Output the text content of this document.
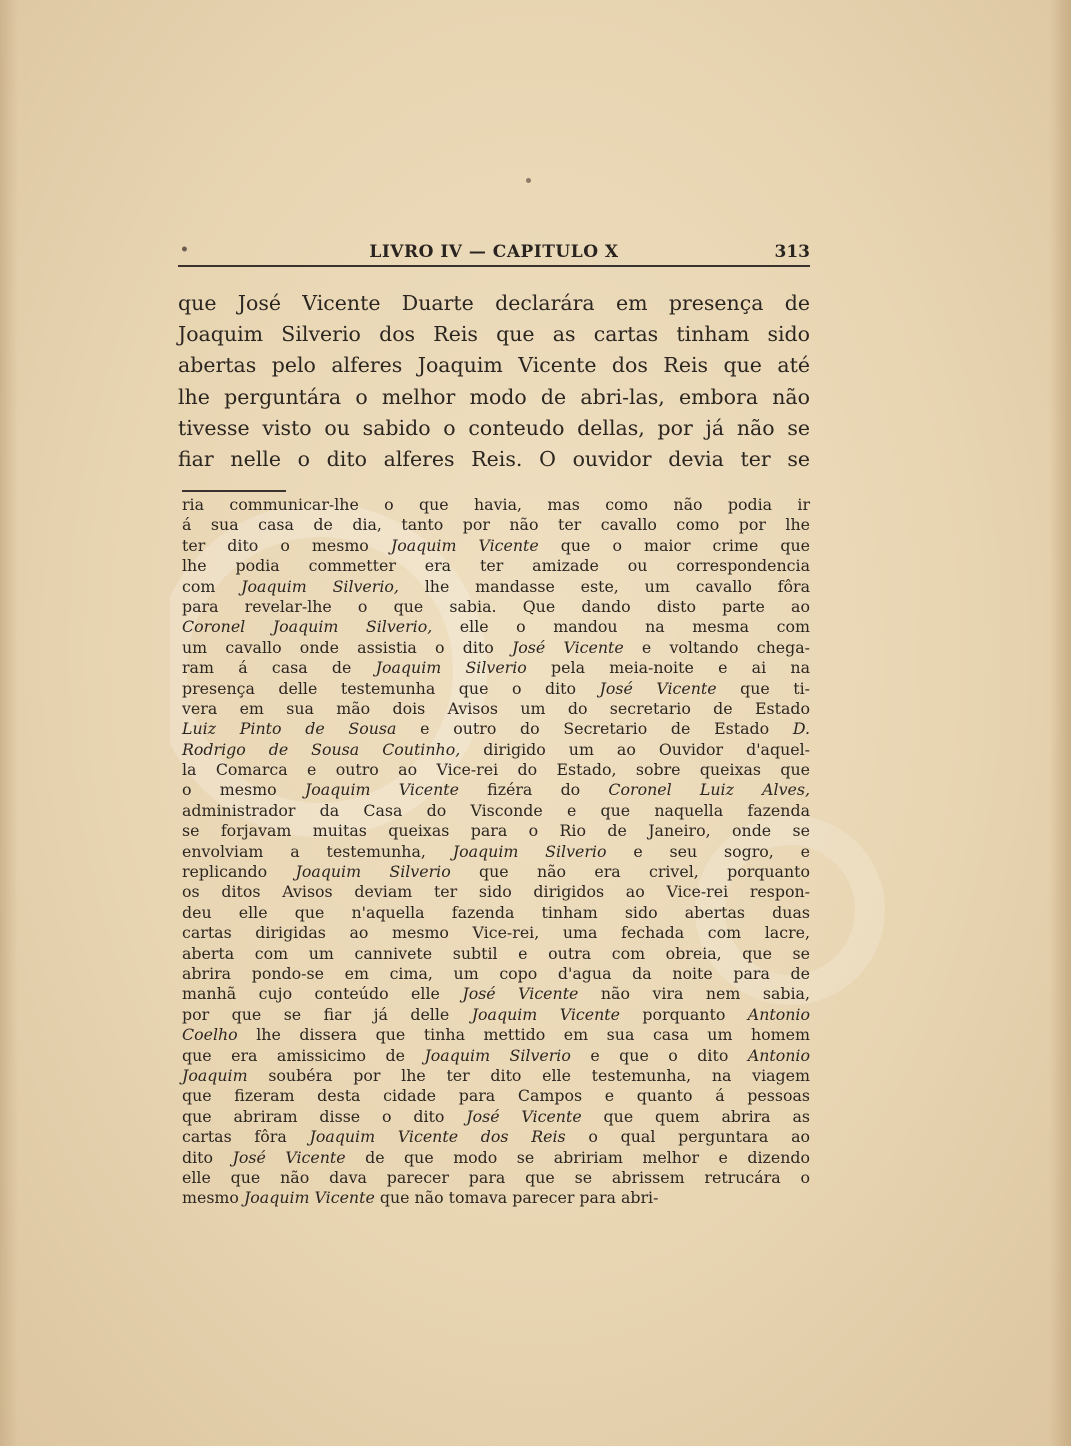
•	LIVRO IV — CAPITULO X	313
que José Vicente Duarte declarára em presença de
Joaquim Silverio dos Reis que as cartas tinham sido
abertas pelo alferes Joaquim Vicente dos Reis que até
lhe perguntára o melhor modo de abri-las, embora não
tivesse visto ou sabido o conteudo dellas, por já não se
fiar nelle o dito alferes Reis. O ouvidor devia ter se
ria communicar-lhe o que havia, mas como não podia ir
á sua casa de dia, tanto por não ter cavallo como por lhe
ter dito o mesmo Joaquim Vicente que o maior crime que
lhe podia commetter era ter amizade ou correspondencia
com Joaquim Silverio, lhe mandasse este, um cavallo fôra
para revelar-lhe o que sabia. Que dando disto parte ao
Coronel Joaquim Silverio, elle o mandou na mesma com
um cavallo onde assistia o dito José Vicente e voltando chega-
ram á casa de Joaquim Silverio pela meia-noite e ai na
presença delle testemunha que o dito José Vicente que ti-
vera em sua mão dois Avisos um do secretario de Estado
Luiz Pinto de Sousa e outro do Secretario de Estado D.
Rodrigo de Sousa Coutinho, dirigido um ao Ouvidor d'aquel-
la Comarca e outro ao Vice-rei do Estado, sobre queixas que
o mesmo Joaquim Vicente fizéra do Coronel Luiz Alves,
administrador da Casa do Visconde e que naquella fazenda
se forjavam muitas queixas para o Rio de Janeiro, onde se
envolviam a testemunha, Joaquim Silverio e seu sogro, e
replicando Joaquim Silverio que não era crivel, porquanto
os ditos Avisos deviam ter sido dirigidos ao Vice-rei respon-
deu elle que n'aquella fazenda tinham sido abertas duas
cartas dirigidas ao mesmo Vice-rei, uma fechada com lacre,
aberta com um cannivete subtil e outra com obreia, que se
abrira pondo-se em cima, um copo d'agua da noite para de
manhã cujo conteúdo elle José Vicente não vira nem sabia,
por que se fiar já delle Joaquim Vicente porquanto Antonio
Coelho lhe dissera que tinha mettido em sua casa um homem
que era amissicimo de Joaquim Silverio e que o dito Antonio
Joaquim soubéra por lhe ter dito elle testemunha, na viagem
que fizeram desta cidade para Campos e quanto á pessoas
que abriram disse o dito José Vicente que quem abrira as
cartas fôra Joaquim Vicente dos Reis o qual perguntara ao
dito José Vicente de que modo se abririam melhor e dizendo
elle que não dava parecer para que se abrissem retrucára o
mesmo Joaquim Vicente que não tomava parecer para abri-
